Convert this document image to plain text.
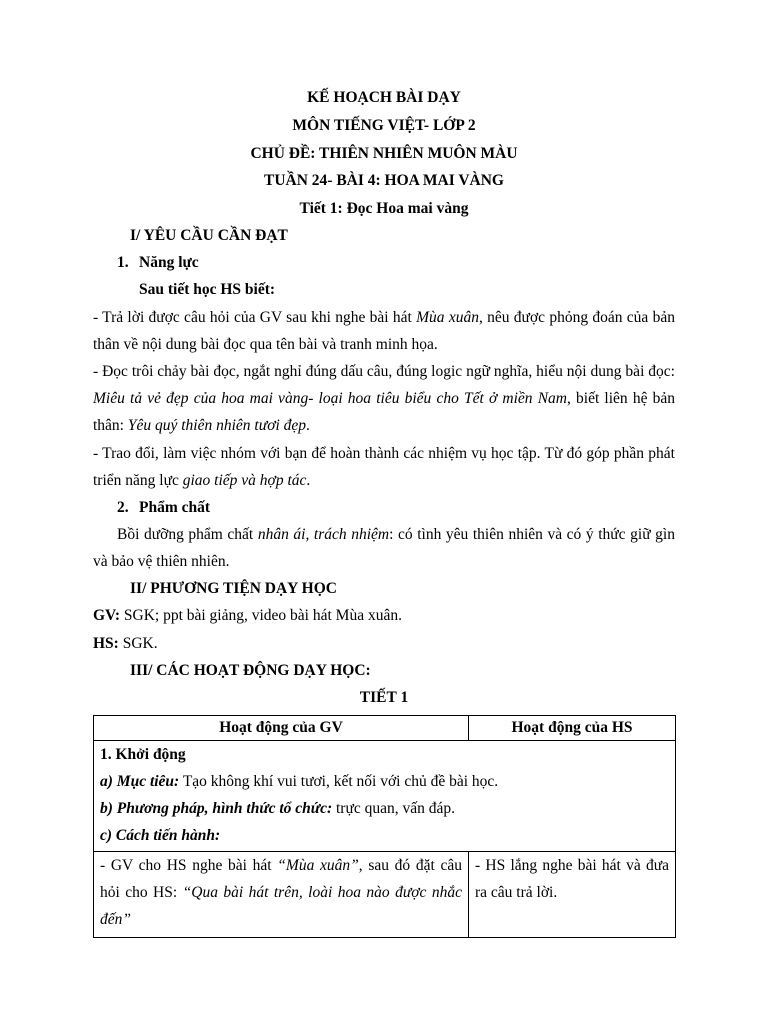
KẾ HOẠCH BÀI DẠY
MÔN TIẾNG VIỆT- LỚP 2
CHỦ ĐỀ: THIÊN NHIÊN MUÔN MÀU
TUẦN 24- BÀI 4: HOA MAI VÀNG
Tiết 1: Đọc Hoa mai vàng
I/ YÊU CẦU CẦN ĐẠT
1. Năng lực
Sau tiết học HS biết:
- Trả lời được câu hỏi của GV sau khi nghe bài hát Mùa xuân, nêu được phỏng đoán của bản thân về nội dung bài đọc qua tên bài và tranh minh họa.
- Đọc trôi chảy bài đọc, ngắt nghỉ đúng dấu câu, đúng logic ngữ nghĩa, hiểu nội dung bài đọc: Miêu tả vẻ đẹp của hoa mai vàng- loại hoa tiêu biểu cho Tết ở miền Nam, biết liên hệ bản thân: Yêu quý thiên nhiên tươi đẹp.
- Trao đổi, làm việc nhóm với bạn để hoàn thành các nhiệm vụ học tập. Từ đó góp phần phát triển năng lực giao tiếp và hợp tác.
2. Phẩm chất
Bồi dưỡng phẩm chất nhân ái, trách nhiệm: có tình yêu thiên nhiên và có ý thức giữ gìn và bảo vệ thiên nhiên.
II/ PHƯƠNG TIỆN DẠY HỌC
GV: SGK; ppt bài giảng, video bài hát Mùa xuân.
HS: SGK.
III/ CÁC HOẠT ĐỘNG DẠY HỌC:
TIẾT 1
Hoạt động của GV	Hoạt động của HS

1. Khởi động
a) Mục tiêu: Tạo không khí vui tươi, kết nối với chủ đề bài học.
b) Phương pháp, hình thức tổ chức: trực quan, vấn đáp.
c) Cách tiến hành:	

- GV cho HS nghe bài hát “Mùa xuân”, sau đó đặt câu hỏi cho HS: “Qua bài hát trên, loài hoa nào được nhắc đến”	- HS lắng nghe bài hát và đưa ra câu trả lời.
